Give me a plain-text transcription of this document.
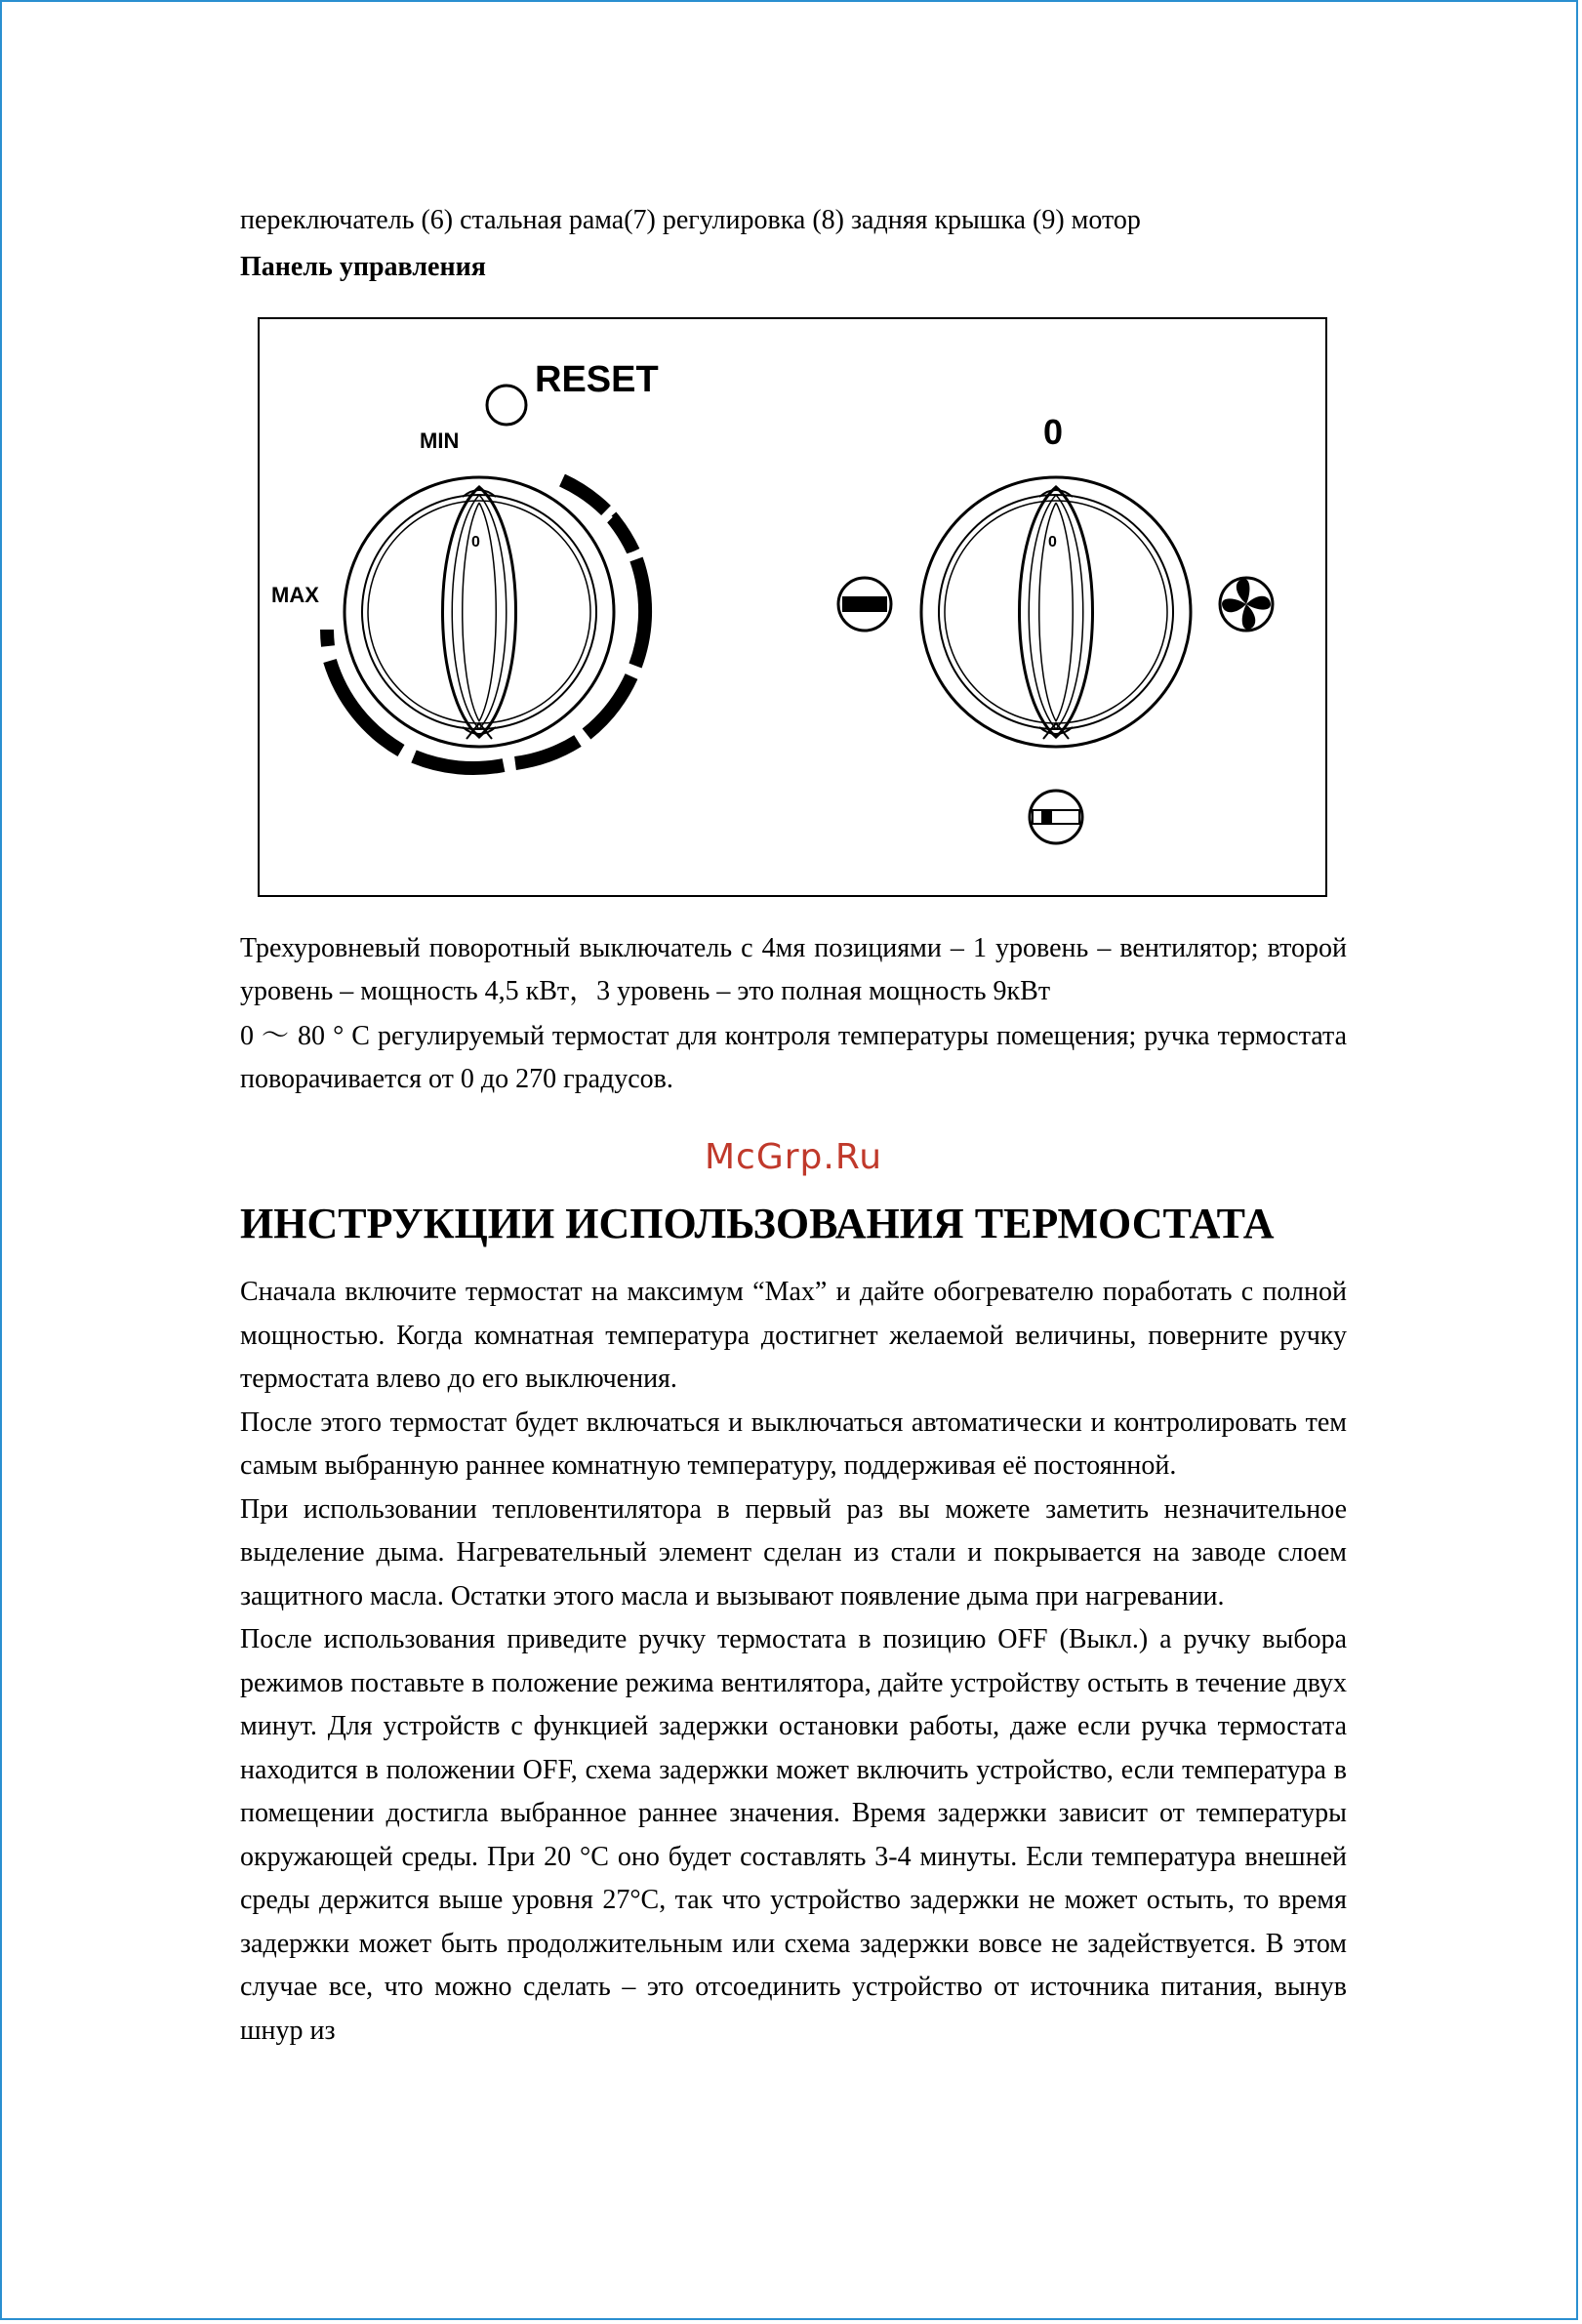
переключатель (6) стальная рама(7) регулировка (8) задняя крышка (9) мотор
Панель управления
0
RESET
MIN
MAX
0
0
Трехуровневый поворотный выключатель с 4мя позициями – 1 уровень – вентилятор; второй уровень – мощность 4,5 кВт，3 уровень – это полная мощность 9кВт
0 ～ 80 ° С регулируемый термостат для контроля температуры помещения; ручка термостата поворачивается от 0 до 270 градусов.
McGrp.Ru
ИНСТРУКЦИИ ИСПОЛЬЗОВАНИЯ ТЕРМОСТАТА

Сначала включите термостат на максимум “Max” и дайте обогревателю поработать с полной мощностью. Когда комнатная температура достигнет желаемой величины, поверните ручку термостата влево до его выключения.

После этого термостат будет включаться и выключаться автоматически и контролировать тем самым выбранную раннее комнатную температуру, поддерживая её постоянной.

При использовании тепловентилятора в первый раз вы можете заметить незначительное выделение дыма. Нагревательный элемент сделан из стали и покрывается на заводе слоем защитного масла. Остатки этого масла и вызывают появление дыма при нагревании.

После использования приведите ручку термостата в позицию OFF (Выкл.) а ручку выбора режимов поставьте в положение режима вентилятора, дайте устройству остыть в течение двух минут. Для устройств с функцией задержки остановки работы, даже если ручка термостата находится в положении OFF, схема задержки может включить устройство, если температура в помещении достигла выбранное раннее значения. Время задержки зависит от температуры окружающей среды. При 20 °C оно будет составлять 3-4 минуты. Если температура внешней среды держится выше уровня 27°C, так что устройство задержки не может остыть, то время задержки может быть продолжительным или схема задержки вовсе не задействуется. В этом случае все, что можно сделать – это отсоединить устройство от источника питания, вынув шнур из
